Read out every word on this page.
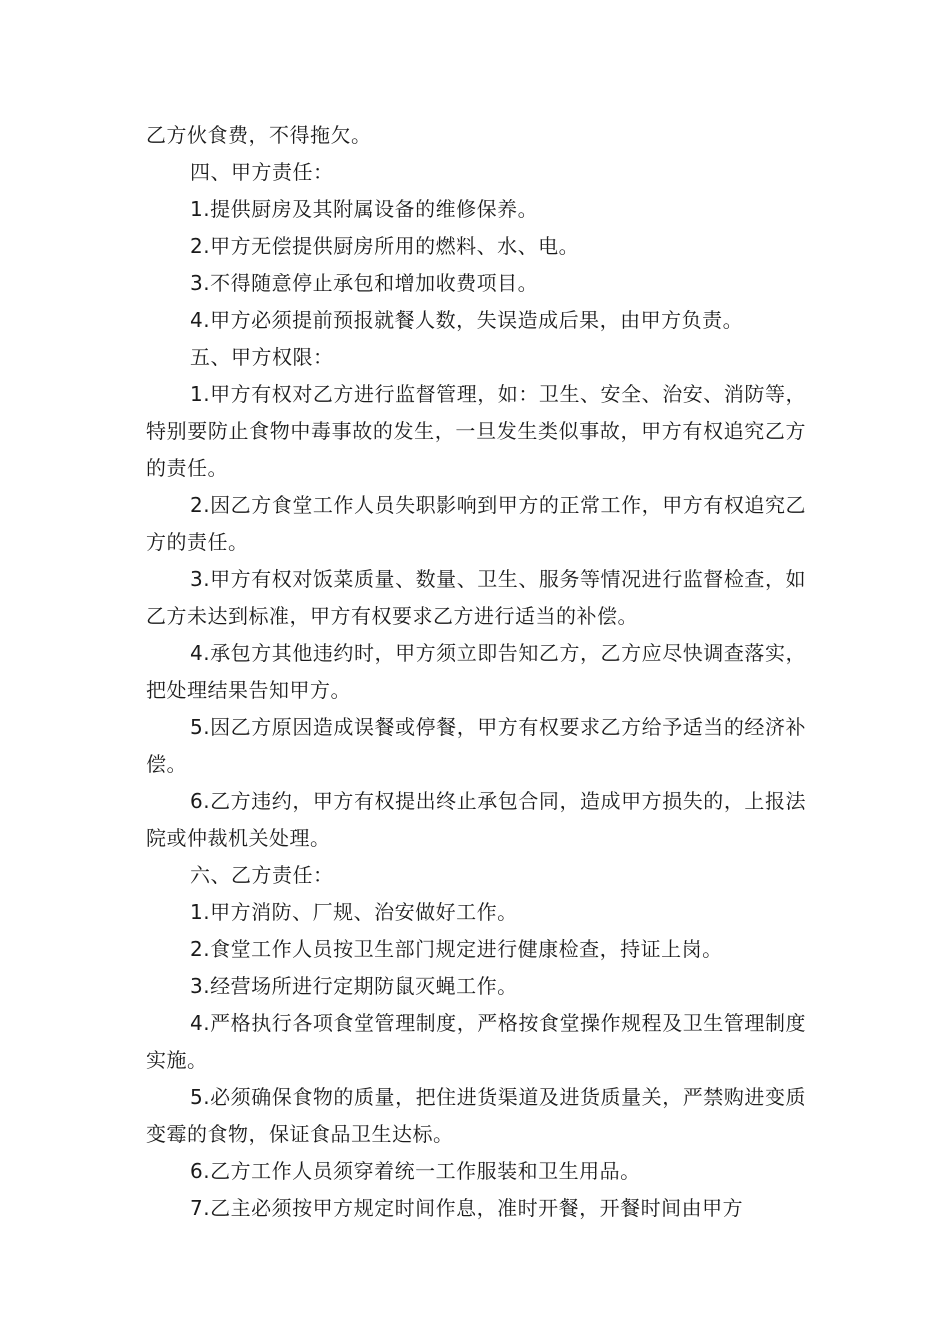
乙方伙食费，不得拖欠。

四、甲方责任：

1.提供厨房及其附属设备的维修保养。

2.甲方无偿提供厨房所用的燃料、水、电。

3.不得随意停止承包和增加收费项目。

4.甲方必须提前预报就餐人数，失误造成后果，由甲方负责。

五、甲方权限：

1.甲方有权对乙方进行监督管理，如：卫生、安全、治安、消防等，特别要防止食物中毒事故的发生，一旦发生类似事故，甲方有权追究乙方的责任。

2.因乙方食堂工作人员失职影响到甲方的正常工作，甲方有权追究乙方的责任。

3.甲方有权对饭菜质量、数量、卫生、服务等情况进行监督检查，如乙方未达到标准，甲方有权要求乙方进行适当的补偿。

4.承包方其他违约时，甲方须立即告知乙方，乙方应尽快调查落实，把处理结果告知甲方。

5.因乙方原因造成误餐或停餐，甲方有权要求乙方给予适当的经济补偿。

6.乙方违约，甲方有权提出终止承包合同，造成甲方损失的，上报法院或仲裁机关处理。

六、乙方责任：

1.甲方消防、厂规、治安做好工作。

2.食堂工作人员按卫生部门规定进行健康检查，持证上岗。

3.经营场所进行定期防鼠灭蝇工作。

4.严格执行各项食堂管理制度，严格按食堂操作规程及卫生管理制度实施。

5.必须确保食物的质量，把住进货渠道及进货质量关，严禁购进变质变霉的食物，保证食品卫生达标。

6.乙方工作人员须穿着统一工作服装和卫生用品。

7.乙主必须按甲方规定时间作息，准时开餐，开餐时间由甲方
